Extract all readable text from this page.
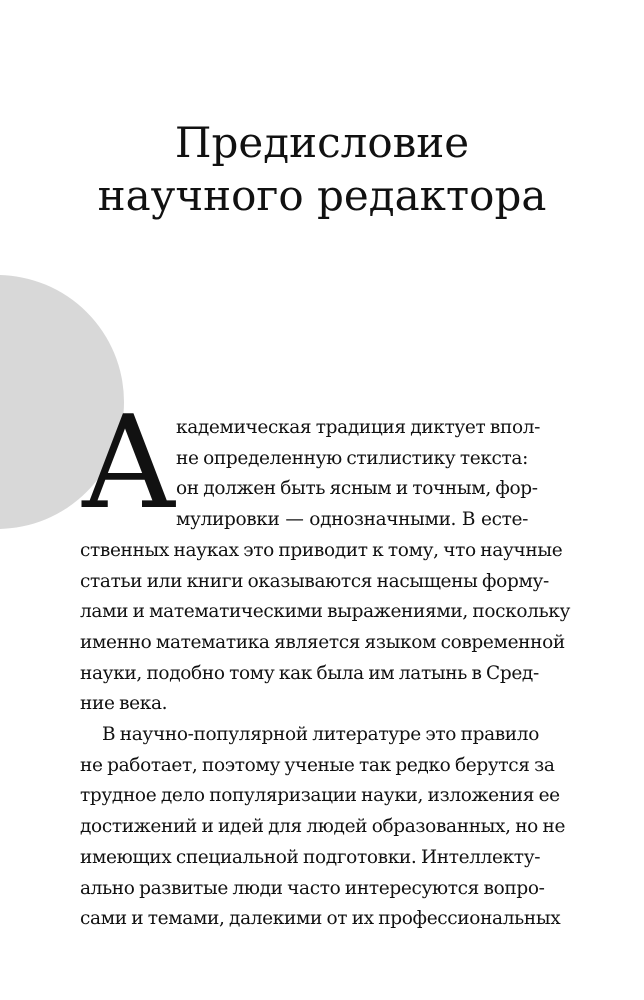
Предисловие
научного редактора
А кадемическая традиция диктует впол-
не определенную стилистику текста:
он должен быть ясным и точным, фор-
мулировки — однозначными. В есте-
ственных науках это приводит к тому, что научные
статьи или книги оказываются насыщены форму-
лами и математическими выражениями, поскольку
именно математика является языком современной
науки, подобно тому как была им латынь в Сред-
ние века.
В научно-популярной литературе это правило
не работает, поэтому ученые так редко берутся за
трудное дело популяризации науки, изложения ее
достижений и идей для людей образованных, но не
имеющих специальной подготовки. Интеллекту-
ально развитые люди часто интересуются вопро-
сами и темами, далекими от их профессиональных
